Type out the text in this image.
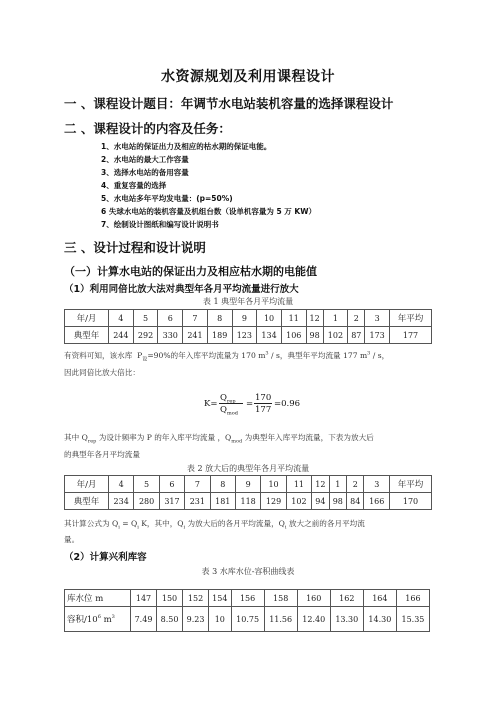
水资源规划及利用课程设计
一 、课程设计题目：年调节水电站装机容量的选择课程设计
二 、课程设计的内容及任务：
1、水电站的保证出力及相应的枯水期的保证电能。
2、水电站的最大工作容量
3、选择水电站的备用容量
4、重复容量的选择
5、水电站多年平均发电量：(p=50%)
6 失球水电站的装机容量及机组台数（设单机容量为 5 万 KW）
7、绘制设计图纸和编写设计说明书
三 、设计过程和设计说明
（一）计算水电站的保证出力及相应枯水期的电能值
（1）利用同倍比放大法对典型年各月平均流量进行放大
表 1 典型年各月平均流量
年/月	4	5	6	7	8	9	10	11	12	1	2	3	年平均
典型年	244	292	330	241	189	123	134	106	98	102	87	173	177
有资料可知，该水库 $P_设=90\%$的年入库平均流量为 170 $m^3$ / s，典型年平均流量 177 $m^3$ / s，
因此同倍比放大倍比：
K=
$Q_{rep}$
$Q_{mod}$
=
170
177
=0.96
其中 $Q_{rep}$ 为设计频率为 P 的年入库平均流量 ，$Q_{mod}$ 为典型年入库平均流量，下表为放大后
的典型年各月平均流量
表 2 放大后的典型年各月平均流量
年/月	4	5	6	7	8	9	10	11	12	1	2	3	年平均
典型年	234	280	317	231	181	118	129	102	94	98	84	166	170
其计算公式为 $Q_i = Q_i$ K，其中，$Q_i$ 为放大后的各月平均流量，$Q_i$ 放大之前的各月平均流
量。
（2）计算兴利库容
表 3 水库水位-容积曲线表
库水位 m	147	150	152	154	156	158	160	162	164	166
容积$/10^6$ $m^3$	7.49	8.50	9.23	10	10.75	11.56	12.40	13.30	14.30	15.35
